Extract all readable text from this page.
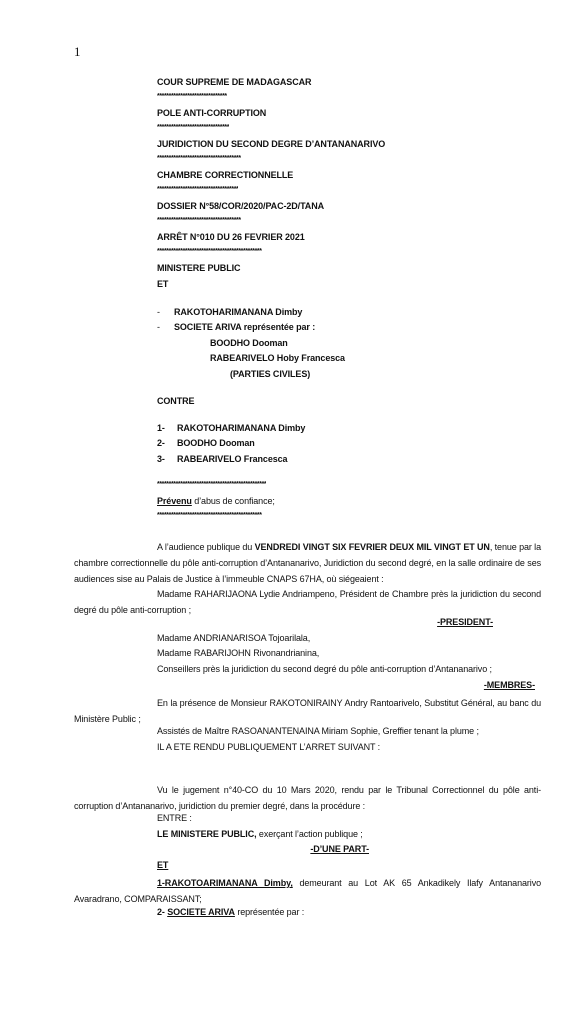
1
COUR SUPREME DE MADAGASCAR
******************************
POLE ANTI-CORRUPTION
*******************************
JURIDICTION DU SECOND DEGRE D’ANTANANARIVO
************************************
CHAMBRE CORRECTIONNELLE
***********************************
DOSSIER N°58/COR/2020/PAC-2D/TANA
************************************
ARRÊT N°010 DU 26 FEVRIER 2021
*********************************************
MINISTERE PUBLIC
ET
- RAKOTOHARIMANANA Dimby
- SOCIETE ARIVA représentée par :
BOODHO Dooman
RABEARIVELO Hoby Francesca
(PARTIES CIVILES)
CONTRE
1- RAKOTOHARIMANANA Dimby
2- BOODHO Dooman
3- RABEARIVELO Francesca
***********************************************
Prévenu d’abus de confiance;
*********************************************
A l’audience publique du VENDREDI VINGT SIX FEVRIER DEUX MIL VINGT ET UN, tenue par la chambre correctionnelle du pôle anti-corruption d’Antananarivo, Juridiction du second degré, en la salle ordinaire de ses audiences sise au Palais de Justice à l’immeuble CNAPS 67HA, où siégeaient :
Madame RAHARIJAONA Lydie Andriampeno, Président de Chambre près la juridiction du second degré du pôle anti-corruption ;
-PRESIDENT-
Madame ANDRIANARISOA Tojoarilala,
Madame RABARIJOHN Rivonandrianina,
Conseillers près la juridiction du second degré du pôle anti-corruption d’Antananarivo ;
-MEMBRES-
En la présence de Monsieur RAKOTONIRAINY Andry Rantoarivelo, Substitut Général, au banc du Ministère Public ;
Assistés de Maître RASOANANTENAINA Miriam Sophie, Greffier tenant la plume ;
IL A ETE RENDU PUBLIQUEMENT L’ARRET SUIVANT :
Vu le jugement n°40-CO du 10 Mars 2020, rendu par le Tribunal Correctionnel du pôle anti-corruption d’Antananarivo, juridiction du premier degré, dans la procédure :
ENTRE :
LE MINISTERE PUBLIC, exerçant l’action publique ;
-D’UNE PART-
ET
1-RAKOTOARIMANANA Dimby, demeurant au Lot AK 65 Ankadikely Ilafy Antananarivo Avaradrano, COMPARAISSANT;
2- SOCIETE ARIVA représentée par :
